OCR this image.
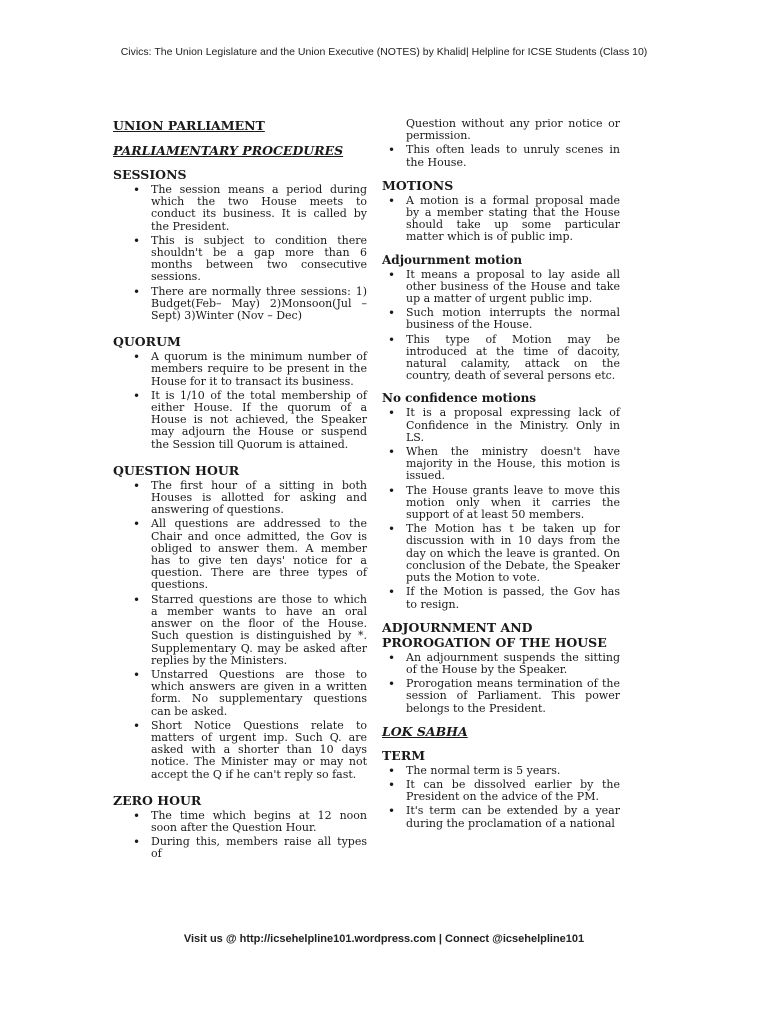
Civics: The Union Legislature and the Union Executive (NOTES) by Khalid| Helpline for ICSE Students (Class 10)
UNION PARLIAMENT
PARLIAMENTARY PROCEDURES
SESSIONS
• The session means a period during which the two House meets to conduct its business. It is called by the President.
• This is subject to condition there shouldn't be a gap more than 6 months between two consecutive sessions.
• There are normally three sessions: 1) Budget(Feb– May) 2)Monsoon(Jul – Sept) 3)Winter (Nov – Dec)
QUORUM
• A quorum is the minimum number of members require to be present in the House for it to transact its business.
• It is 1/10 of the total membership of either House. If the quorum of a House is not achieved, the Speaker may adjourn the House or suspend the Session till Quorum is attained.
QUESTION HOUR
• The first hour of a sitting in both Houses is allotted for asking and answering of questions.
• All questions are addressed to the Chair and once admitted, the Gov is obliged to answer them. A member has to give ten days' notice for a question. There are three types of questions.
• Starred questions are those to which a member wants to have an oral answer on the floor of the House. Such question is distinguished by *. Supplementary Q. may be asked after replies by the Ministers.
• Unstarred Questions are those to which answers are given in a written form. No supplementary questions can be asked.
• Short Notice Questions relate to matters of urgent imp. Such Q. are asked with a shorter than 10 days notice. The Minister may or may not accept the Q if he can't reply so fast.
ZERO HOUR
• The time which begins at 12 noon soon after the Question Hour.
• During this, members raise all types of
Question without any prior notice or permission.
• This often leads to unruly scenes in the House.
MOTIONS
• A motion is a formal proposal made by a member stating that the House should take up some particular matter which is of public imp.
Adjournment motion
• It means a proposal to lay aside all other business of the House and take up a matter of urgent public imp.
• Such motion interrupts the normal business of the House.
• This type of Motion may be introduced at the time of dacoity, natural calamity, attack on the country, death of several persons etc.
No confidence motions
• It is a proposal expressing lack of Confidence in the Ministry. Only in LS.
• When the ministry doesn't have majority in the House, this motion is issued.
• The House grants leave to move this motion only when it carries the support of at least 50 members.
• The Motion has t be taken up for discussion with in 10 days from the day on which the leave is granted. On conclusion of the Debate, the Speaker puts the Motion to vote.
• If the Motion is passed, the Gov has to resign.
ADJOURNMENT AND PROROGATION OF THE HOUSE
• An adjournment suspends the sitting of the House by the Speaker.
• Prorogation means termination of the session of Parliament. This power belongs to the President.
LOK SABHA
TERM
• The normal term is 5 years.
• It can be dissolved earlier by the President on the advice of the PM.
• It's term can be extended by a year during the proclamation of a national
Visit us @ http://icsehelpline101.wordpress.com | Connect @icsehelpline101
